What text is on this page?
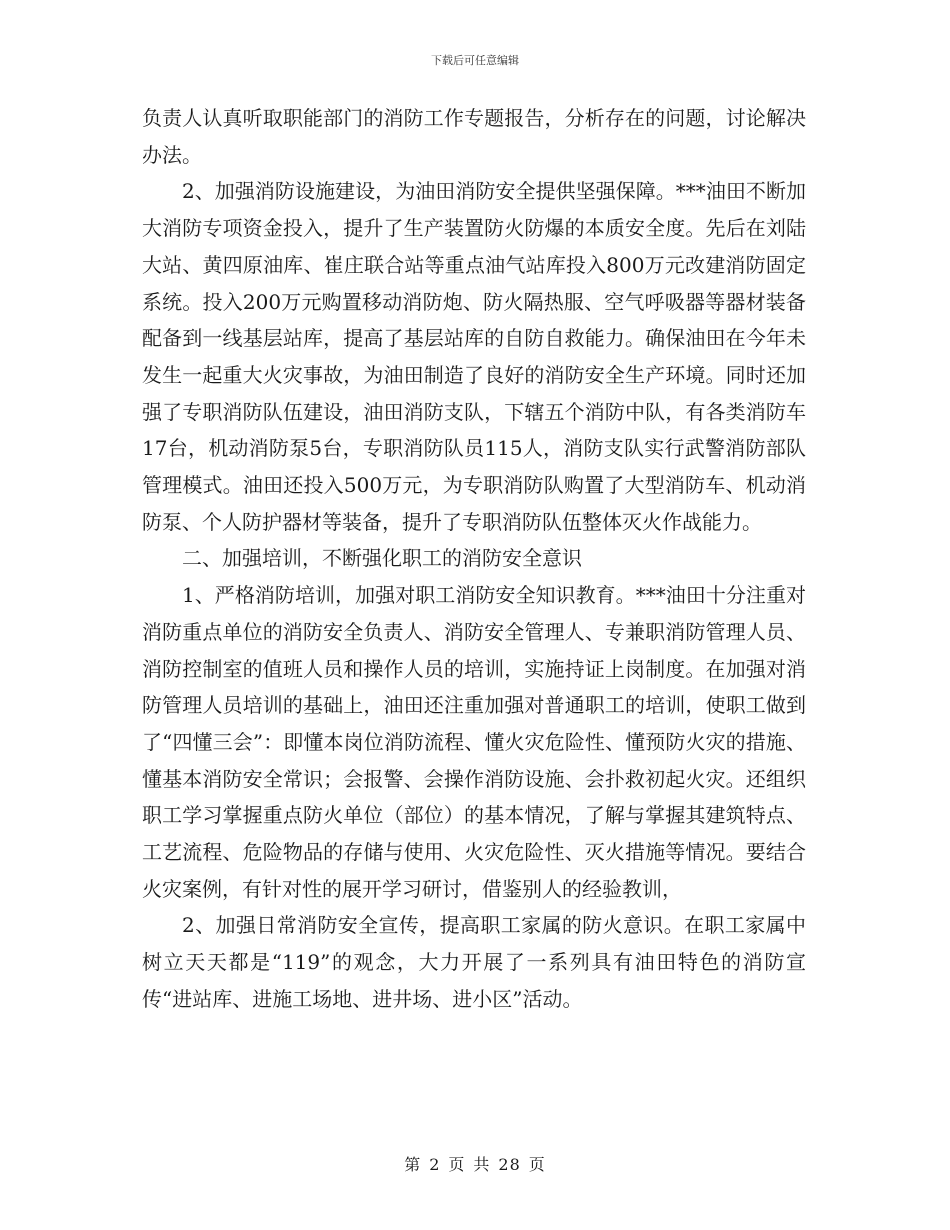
下载后可任意编辑

负责人认真听取职能部门的消防工作专题报告，分析存在的问题，讨论解决办法。

2、加强消防设施建设，为油田消防安全提供坚强保障。***油田不断加大消防专项资金投入，提升了生产装置防火防爆的本质安全度。先后在刘陆大站、黄四原油库、崔庄联合站等重点油气站库投入800万元改建消防固定系统。投入200万元购置移动消防炮、防火隔热服、空气呼吸器等器材装备配备到一线基层站库，提高了基层站库的自防自救能力。确保油田在今年未发生一起重大火灾事故，为油田制造了良好的消防安全生产环境。同时还加强了专职消防队伍建设，油田消防支队，下辖五个消防中队，有各类消防车17台，机动消防泵5台，专职消防队员115人，消防支队实行武警消防部队管理模式。油田还投入500万元，为专职消防队购置了大型消防车、机动消防泵、个人防护器材等装备，提升了专职消防队伍整体灭火作战能力。

二、加强培训，不断强化职工的消防安全意识

1、严格消防培训，加强对职工消防安全知识教育。***油田十分注重对消防重点单位的消防安全负责人、消防安全管理人、专兼职消防管理人员、消防控制室的值班人员和操作人员的培训，实施持证上岗制度。在加强对消防管理人员培训的基础上，油田还注重加强对普通职工的培训，使职工做到了“四懂三会”：即懂本岗位消防流程、懂火灾危险性、懂预防火灾的措施、懂基本消防安全常识；会报警、会操作消防设施、会扑救初起火灾。还组织职工学习掌握重点防火单位（部位）的基本情况，了解与掌握其建筑特点、工艺流程、危险物品的存储与使用、火灾危险性、灭火措施等情况。要结合火灾案例，有针对性的展开学习研讨，借鉴别人的经验教训，

2、加强日常消防安全宣传，提高职工家属的防火意识。在职工家属中树立天天都是“119”的观念，大力开展了一系列具有油田特色的消防宣传“进站库、进施工场地、进井场、进小区”活动。

第 2 页 共 28 页
